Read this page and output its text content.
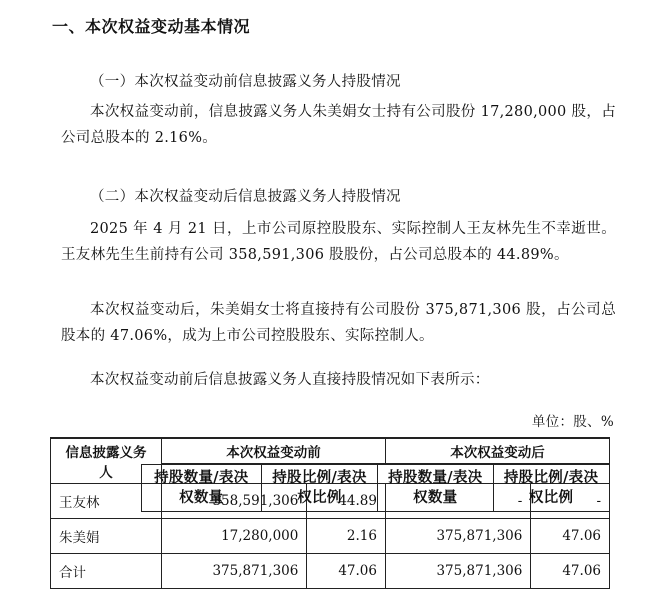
一、本次权益变动基本情况
（一）本次权益变动前信息披露义务人持股情况

本次权益变动前，信息披露义务人朱美娟女士持有公司股份 17,280,000 股，占公司总股本的 2.16%。

（二）本次权益变动后信息披露义务人持股情况

2025 年 4 月 21 日，上市公司原控股股东、实际控制人王友林先生不幸逝世。王友林先生生前持有公司 358,591,306 股股份，占公司总股本的 44.89%。

本次权益变动后，朱美娟女士将直接持有公司股份 375,871,306 股，占公司总股本的 47.06%，成为上市公司控股股东、实际控制人。

本次权益变动前后信息披露义务人直接持股情况如下表所示：

单位：股、%
信息披露义务人	本次权益变动前	本次权益变动后

持股数量/表决权数量	持股比例/表决权比例	持股数量/表决权数量	持股比例/表决权比例
王友林	358,591,306	44.89	-	-
朱美娟	17,280,000	2.16	375,871,306	47.06
合计	375,871,306	47.06	375,871,306	47.06
